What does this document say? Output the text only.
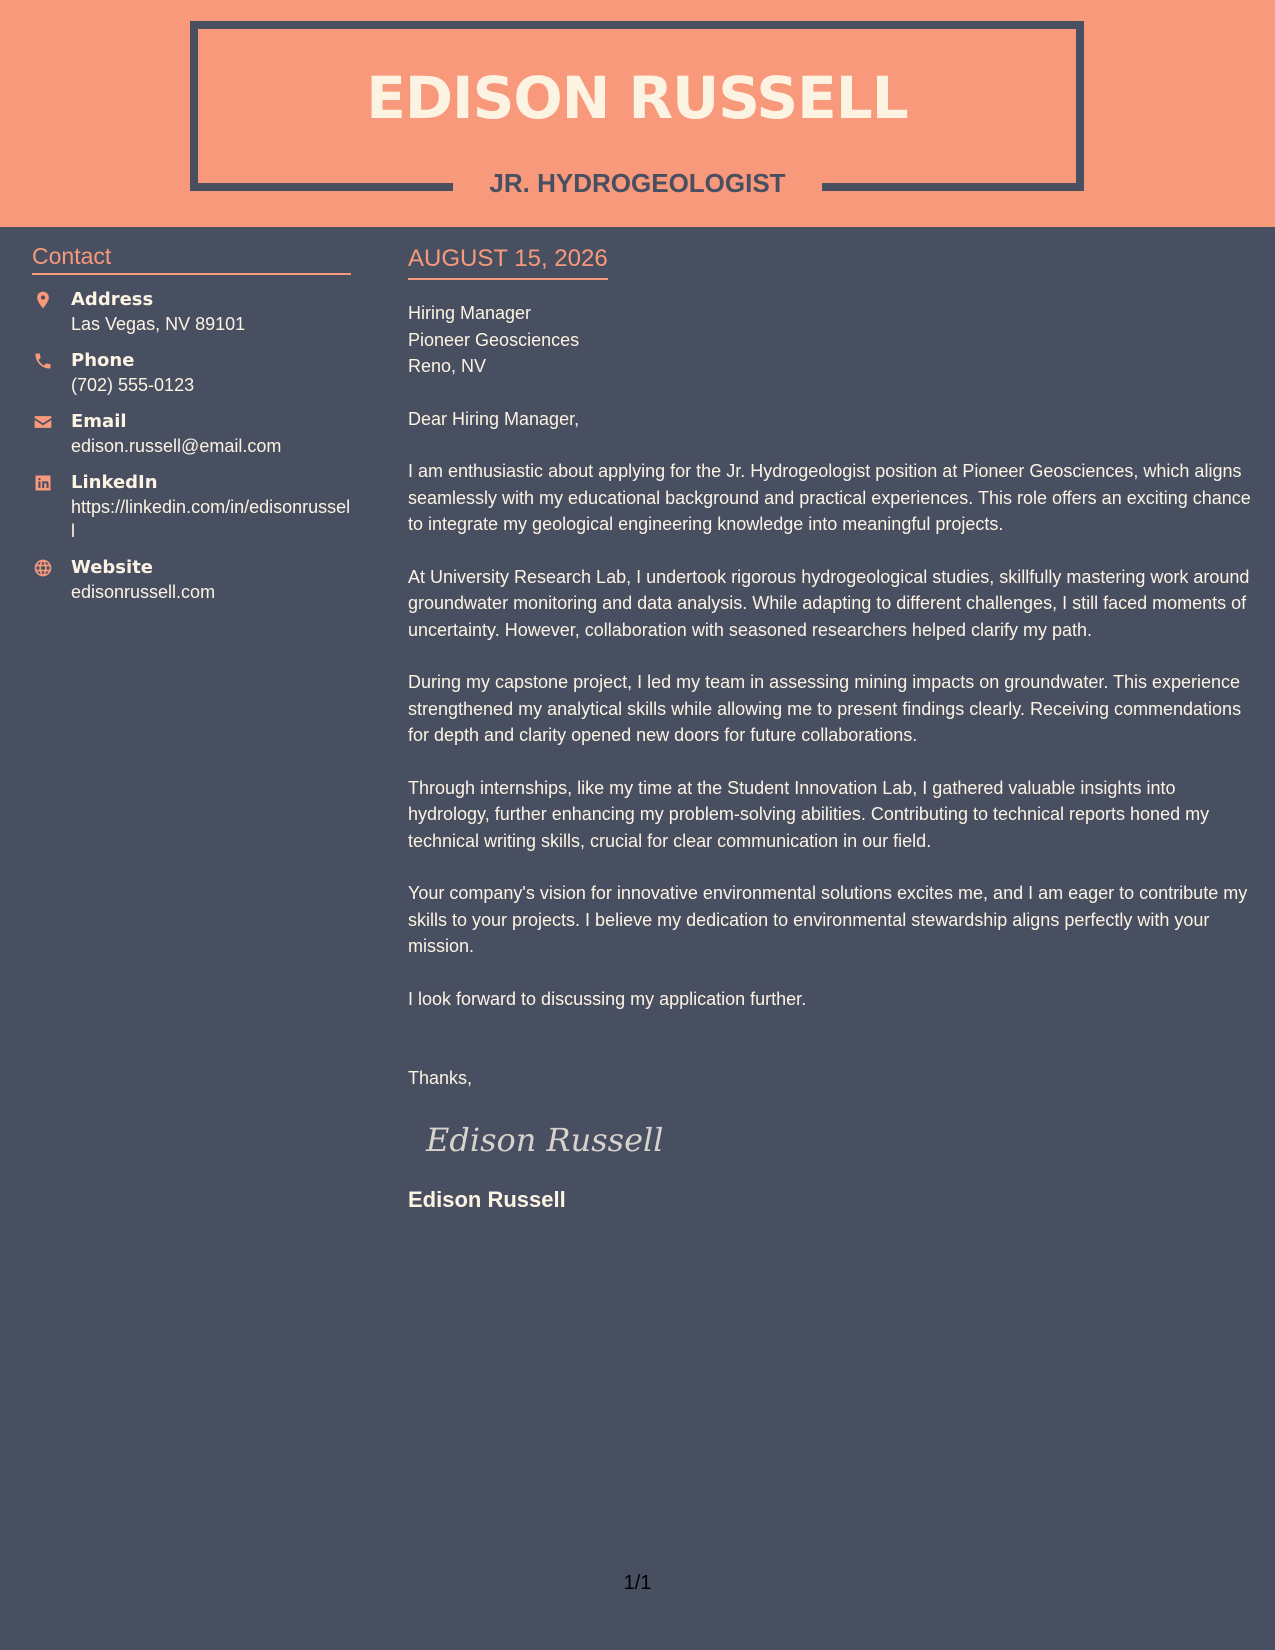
EDISON RUSSELL
JR. HYDROGEOLOGIST
Contact
Address
Las Vegas, NV 89101
Phone
(702) 555-0123
Email
edison.russell@email.com
LinkedIn
https://linkedin.com/in/edisonrussell
Website
edisonrussell.com
AUGUST 15, 2026
Hiring Manager
Pioneer Geosciences
Reno, NV
Dear Hiring Manager,
I am enthusiastic about applying for the Jr. Hydrogeologist position at Pioneer Geosciences, which aligns seamlessly with my educational background and practical experiences. This role offers an exciting chance to integrate my geological engineering knowledge into meaningful projects.
At University Research Lab, I undertook rigorous hydrogeological studies, skillfully mastering work around groundwater monitoring and data analysis. While adapting to different challenges, I still faced moments of uncertainty. However, collaboration with seasoned researchers helped clarify my path.
During my capstone project, I led my team in assessing mining impacts on groundwater. This experience strengthened my analytical skills while allowing me to present findings clearly. Receiving commendations for depth and clarity opened new doors for future collaborations.
Through internships, like my time at the Student Innovation Lab, I gathered valuable insights into hydrology, further enhancing my problem-solving abilities. Contributing to technical reports honed my technical writing skills, crucial for clear communication in our field.
Your company's vision for innovative environmental solutions excites me, and I am eager to contribute my skills to your projects. I believe my dedication to environmental stewardship aligns perfectly with your mission.
I look forward to discussing my application further.
Thanks,
Edison Russell
Edison Russell
1/1
